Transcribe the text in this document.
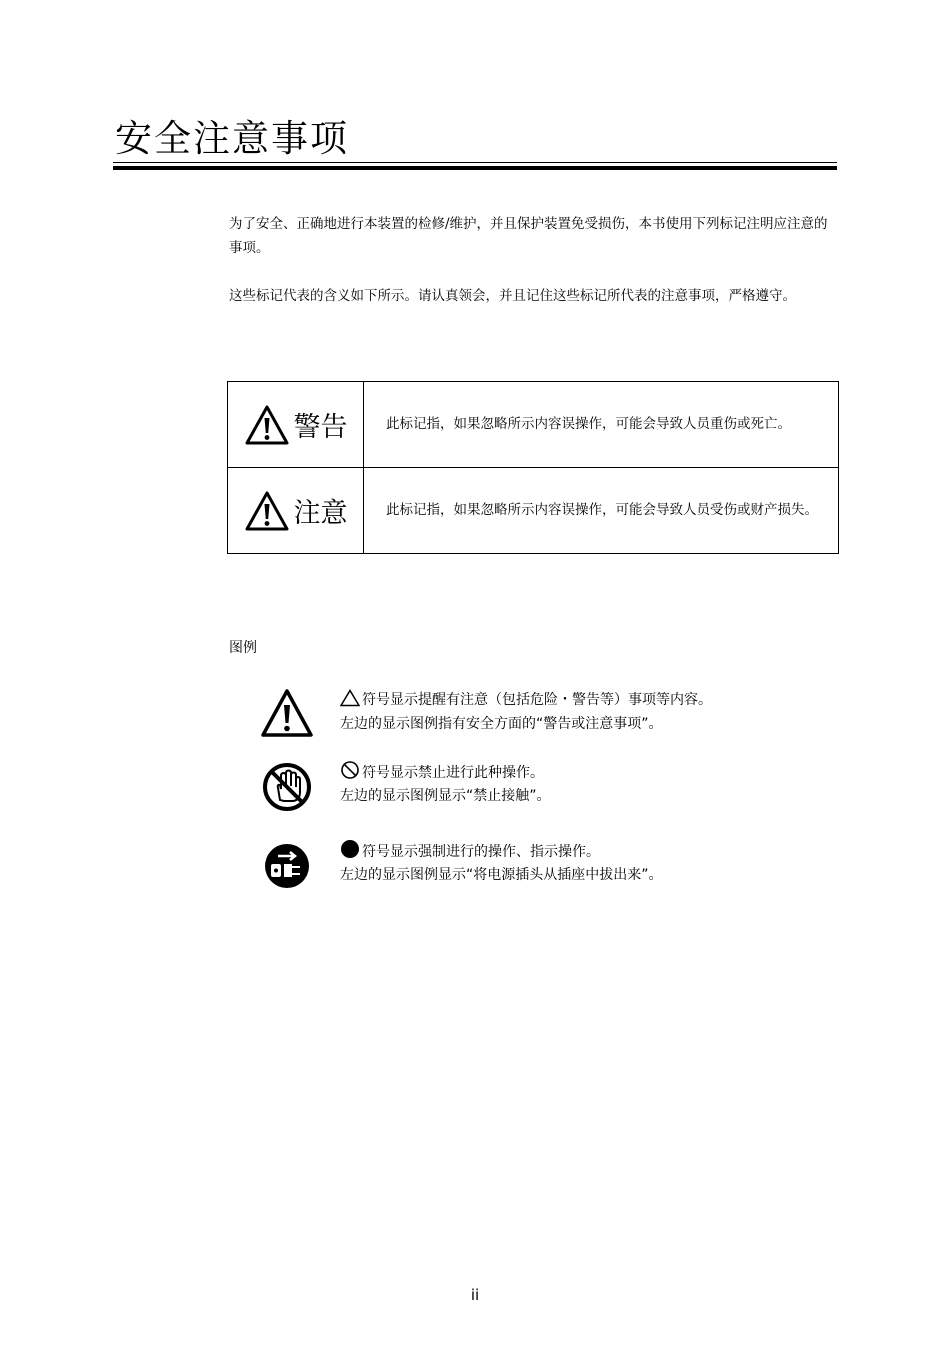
安全注意事项

为了安全、正确地进行本装置的检修/维护，并且保护装置免受损伤，本书使用下列标记注明应注意的事项。

这些标记代表的含义如下所示。请认真领会，并且记住这些标记所代表的注意事项，严格遵守。

警告	此标记指，如果忽略所示内容误操作，可能会导致人员重伤或死亡。

注意	此标记指，如果忽略所示内容误操作，可能会导致人员受伤或财产损失。
图例
符号显示提醒有注意（包括危险・警告等）事项等内容。
左边的显示图例指有安全方面的“警告或注意事项”。
符号显示禁止进行此种操作。
左边的显示图例显示“禁止接触”。
符号显示强制进行的操作、指示操作。
左边的显示图例显示“将电源插头从插座中拔出来”。
ii
